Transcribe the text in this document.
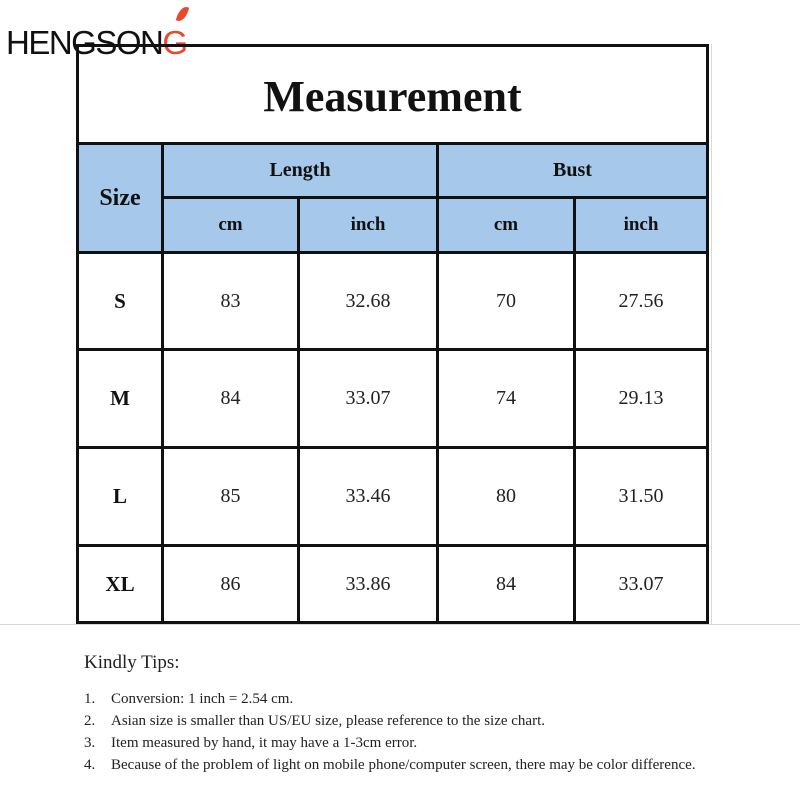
HENGSONG
Measurement
Size
Length	Bust
cm	inch	cm	inch
S	83	32.68	70	27.56
M	84	33.07	74	29.13
L	85	33.46	80	31.50
XL	86	33.86	84	33.07
Kindly Tips:
1.	Conversion: 1 inch = 2.54 cm.
2.	Asian size is smaller than US/EU size, please reference to the size chart.
3.	Item measured by hand, it may have a 1-3cm error.
4.	Because of the problem of light on mobile phone/computer screen, there may be color difference.
